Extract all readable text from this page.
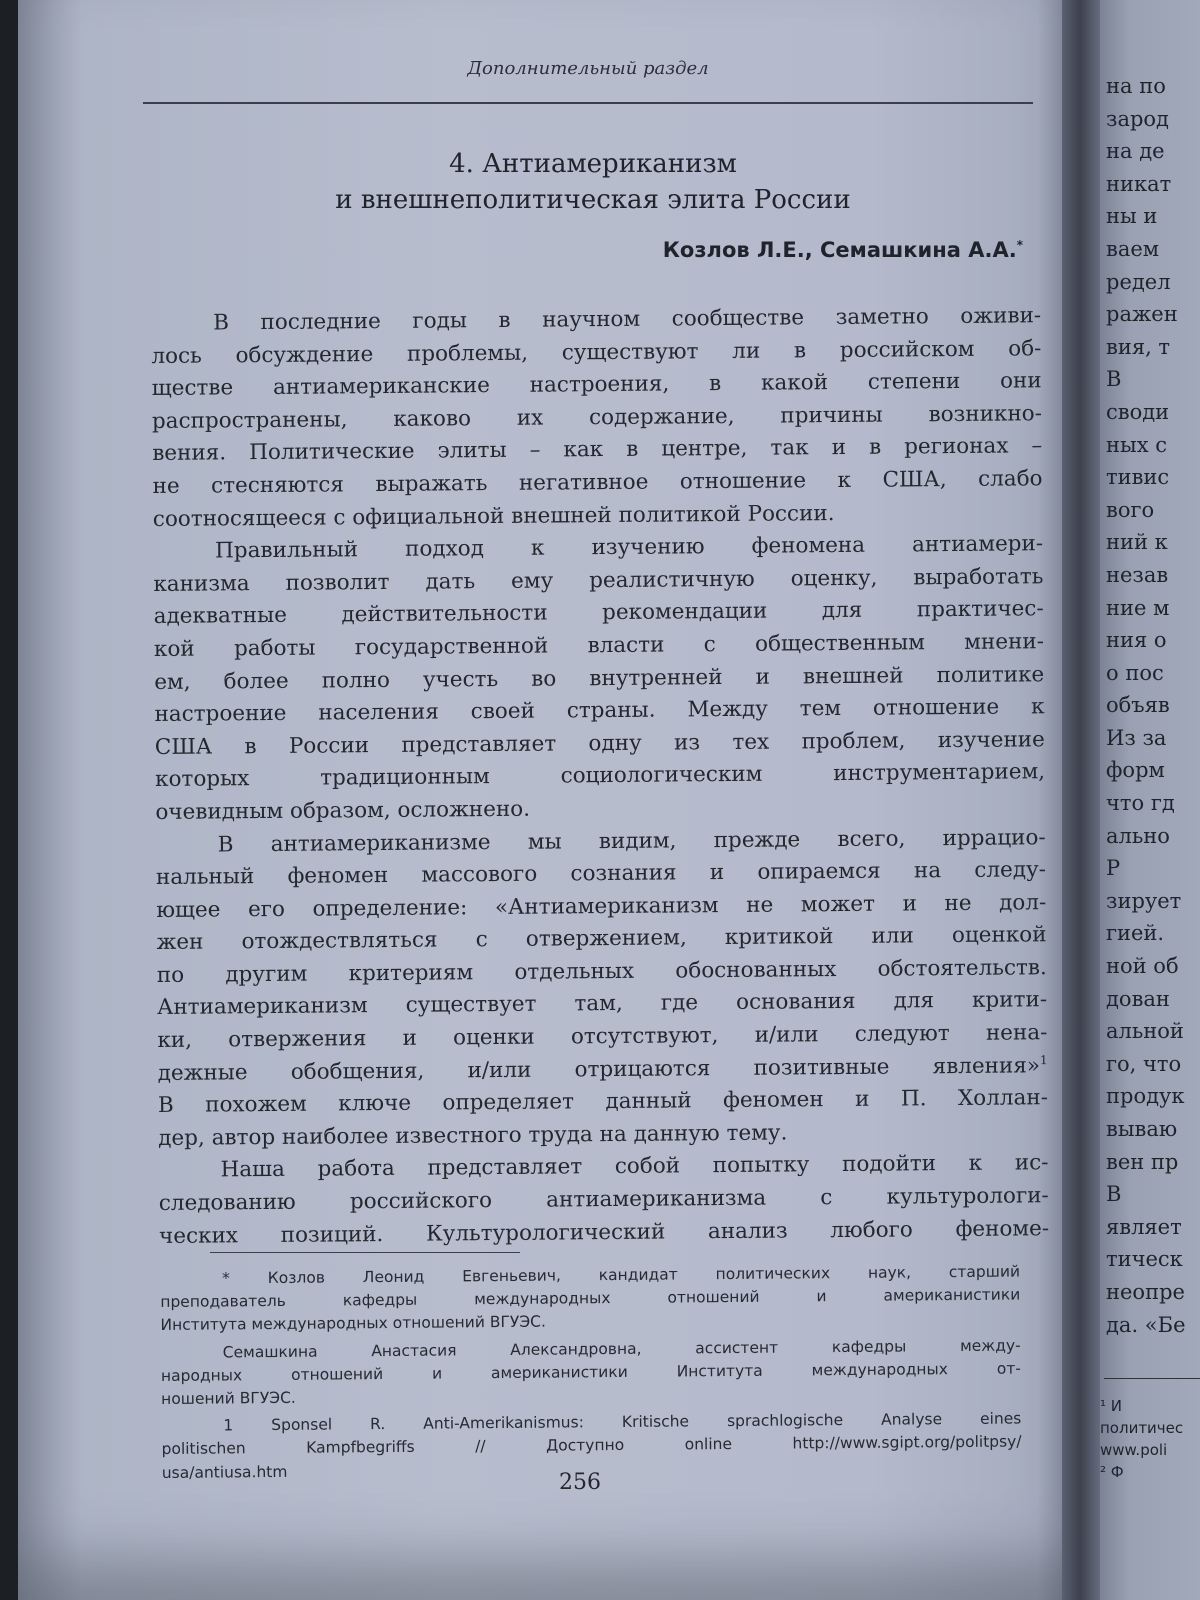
Дополнительный раздел
4. Антиамериканизм
и внешнеполитическая элита России
Козлов Л.Е., Семашкина А.А.*
В последние годы в научном сообществе заметно оживи-
лось обсуждение проблемы, существуют ли в российском об-
ществе антиамериканские настроения, в какой степени они
распространены, каково их содержание, причины возникно-
вения. Политические элиты – как в центре, так и в регионах –
не стесняются выражать негативное отношение к США, слабо
соотносящееся с официальной внешней политикой России.
Правильный подход к изучению феномена антиамери-
канизма позволит дать ему реалистичную оценку, выработать
адекватные действительности рекомендации для практичес-
кой работы государственной власти с общественным мнени-
ем, более полно учесть во внутренней и внешней политике
настроение населения своей страны. Между тем отношение к
США в России представляет одну из тех проблем, изучение
которых традиционным социологическим инструментарием,
очевидным образом, осложнено.
В антиамериканизме мы видим, прежде всего, иррацио-
нальный феномен массового сознания и опираемся на следу-
ющее его определение: «Антиамериканизм не может и не дол-
жен отождествляться с отвержением, критикой или оценкой
по другим критериям отдельных обоснованных обстоятельств.
Антиамериканизм существует там, где основания для крити-
ки, отвержения и оценки отсутствуют, и/или следуют нена-
дежные обобщения, и/или отрицаются позитивные явления»$^1$
В похожем ключе определяет данный феномен и П. Холлан-
дер, автор наиболее известного труда на данную тему.
Наша работа представляет собой попытку подойти к ис-
следованию российского антиамериканизма с культурологи-
ческих позиций. Культурологический анализ любого феноме-
* Козлов Леонид Евгеньевич, кандидат политических наук, старший
преподаватель кафедры международных отношений и американистики
Института международных отношений ВГУЭС.
Семашкина Анастасия Александровна, ассистент кафедры между-
народных отношений и американистики Института международных от-
ношений ВГУЭС.
1 Sponsel R. Anti-Amerikanismus: Kritische sprachlogische Analyse eines
politischen Kampfbegriffs // Доступно online http://www.sgipt.org/politpsy/
usa/antiusa.htm	256
на по
зарод
на де
никат
ны и
ваем
редел
ражен
вия, т
В
своди
ных с
тивис
вого
ний к
незав
ние м
ния о
о пос
объяв
Из за
форм
что гд
ально
Р
зирует
гией.
ной об
дован
альной
го, что
продук
вываю
вен пр
В
являет
тическ
неопре
да. «Бе
¹ И
политичес
www.poli
² Ф
